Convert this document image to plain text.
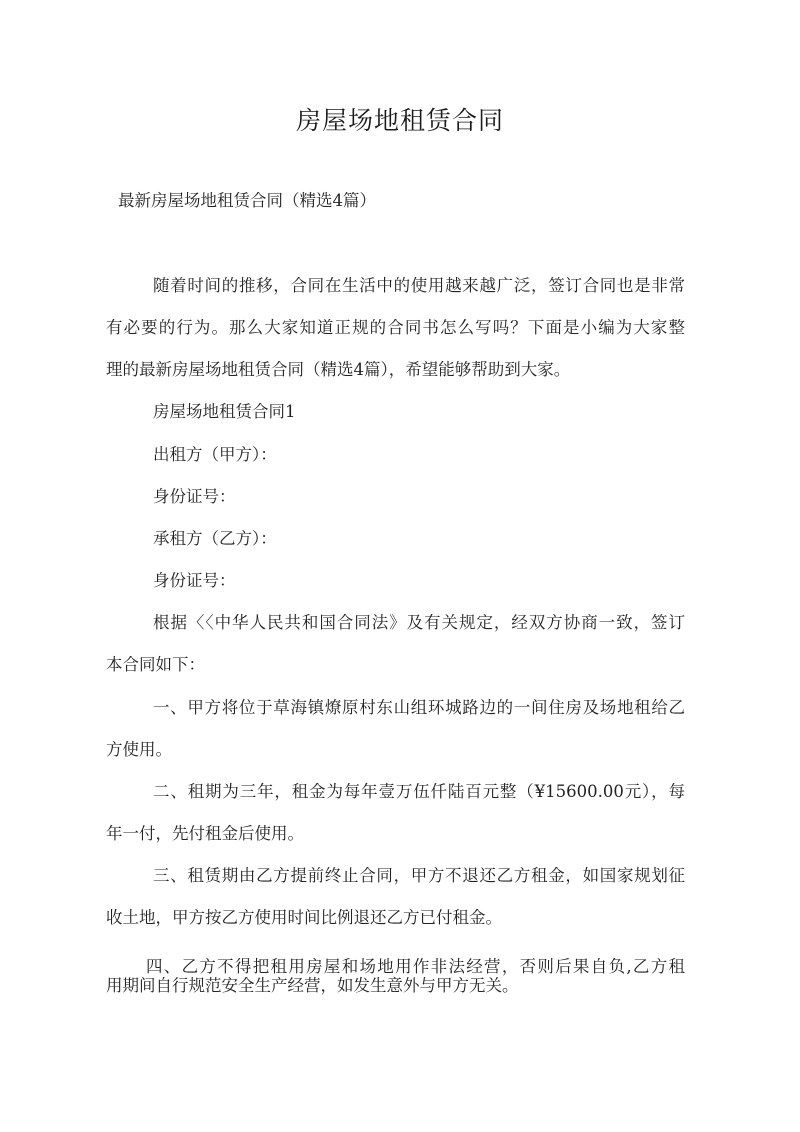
房屋场地租赁合同
最新房屋场地租赁合同（精选4篇）
随着时间的推移，合同在生活中的使用越来越广泛，签订合同也是非常
有必要的行为。那么大家知道正规的合同书怎么写吗？下面是小编为大家整
理的最新房屋场地租赁合同（精选4篇），希望能够帮助到大家。
房屋场地租赁合同1
出租方（甲方）：
身份证号：
承租方（乙方）：
身份证号：
根据〈〈中华人民共和国合同法》及有关规定，经双方协商一致，签订
本合同如下：
一、甲方将位于草海镇燎原村东山组环城路边的一间住房及场地租给乙
方使用。
二、租期为三年，租金为每年壹万伍仟陆百元整（¥15600.00元），每
年一付，先付租金后使用。
三、租赁期由乙方提前终止合同，甲方不退还乙方租金，如国家规划征
收土地，甲方按乙方使用时间比例退还乙方已付租金。
四、乙方不得把租用房屋和场地用作非法经营，否则后果自负,乙方租
用期间自行规范安全生产经营，如发生意外与甲方无关。
